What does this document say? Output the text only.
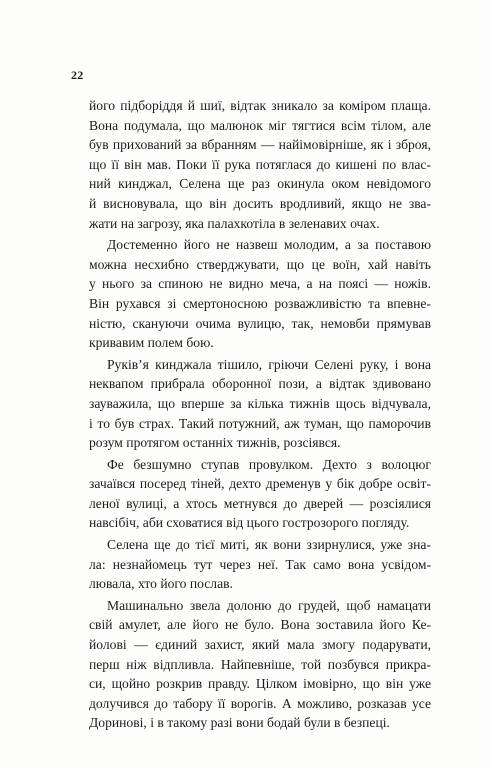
22
його підборіддя й шиї, відтак зникало за коміром плаща.
Вона подумала, що малюнок міг тягтися всім тілом, але
був прихований за вбранням — найімовірніше, як і зброя,
що її він мав. Поки її рука потяглася до кишені по влас-
ний кинджал, Селена ще раз окинула оком невідомого
й висновувала, що він досить вродливий, якщо не зва-
жати на загрозу, яка палахкотіла в зеленавих очах.
Достеменно його не назвеш молодим, а за поставою
можна несхибно стверджувати, що це воїн, хай навіть
у нього за спиною не видно меча, а на поясі — ножів.
Він рухався зі смертоносною розважливістю та впевне-
ністю, скануючи очима вулицю, так, немовби прямував
кривавим полем бою.
Руків’я кинджала тішило, гріючи Селені руку, і вона
неквапом прибрала оборонної пози, а відтак здивовано
зауважила, що вперше за кілька тижнів щось відчувала,
і то був страх. Такий потужний, аж туман, що паморочив
розум протягом останніх тижнів, розсіявся.
Фе безшумно ступав провулком. Дехто з волоцюг
зачаївся посеред тіней, дехто дременув у бік добре освіт-
леної вулиці, а хтось метнувся до дверей — розсіялися
навсібіч, аби сховатися від цього гострозорого погляду.
Селена ще до тієї миті, як вони ззирнулися, уже зна-
ла: незнайомець тут через неї. Так само вона усвідом-
лювала, хто його послав.
Машинально звела долоню до грудей, щоб намацати
свій амулет, але його не було. Вона зоставила його Ке-
йолові — єдиний захист, який мала змогу подарувати,
перш ніж відпливла. Найпевніше, той позбувся прикра-
си, щойно розкрив правду. Цілком імовірно, що він уже
долучився до табору її ворогів. А можливо, розказав усе
Доринові, і в такому разі вони бодай були в безпеці.
